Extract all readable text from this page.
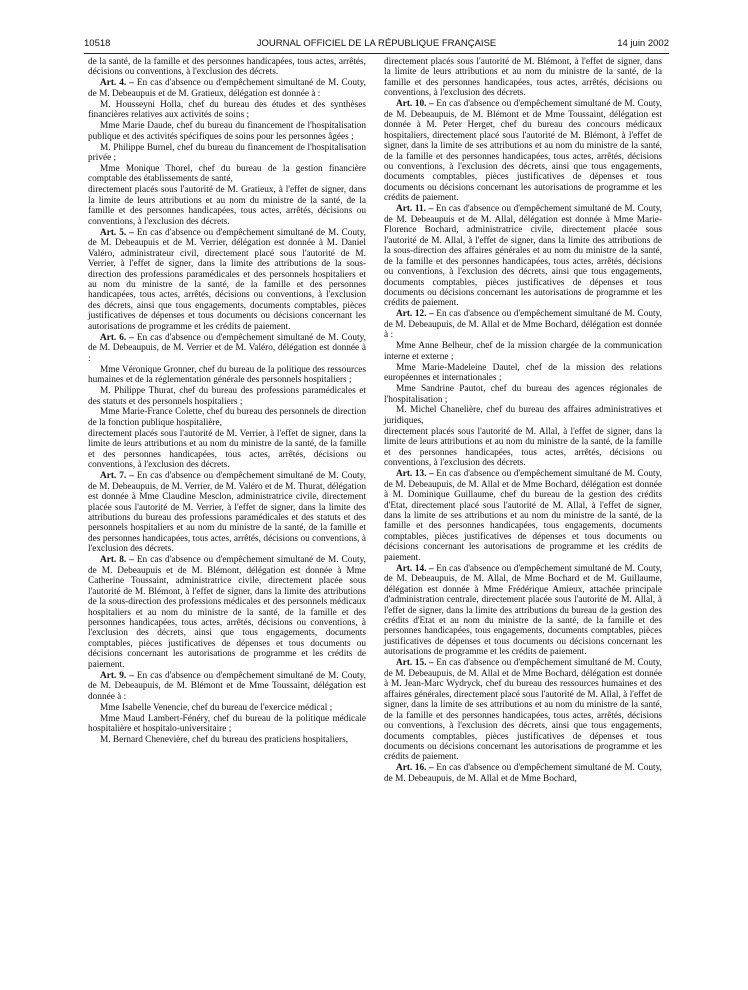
10518	JOURNAL OFFICIEL DE LA RÉPUBLIQUE FRANÇAISE	14 juin 2002

de la santé, de la famille et des personnes handicapées, tous actes, arrêtés, décisions ou conventions, à l'exclusion des décrets.

Art. 4. – En cas d'absence ou d'empêchement simultané de M. Couty, de M. Debeaupuis et de M. Gratieux, délégation est donnée à :

M. Housseyni Holla, chef du bureau des études et des synthèses financières relatives aux activités de soins ;

Mme Marie Daude, chef du bureau du financement de l'hospitalisation publique et des activités spécifiques de soins pour les personnes âgées ;

M. Philippe Burnel, chef du bureau du financement de l'hospitalisation privée ;

Mme Monique Thorel, chef du bureau de la gestion financière comptable des établissements de santé,

directement placés sous l'autorité de M. Gratieux, à l'effet de signer, dans la limite de leurs attributions et au nom du ministre de la santé, de la famille et des personnes handicapées, tous actes, arrêtés, décisions ou conventions, à l'exclusion des décrets.

Art. 5. – En cas d'absence ou d'empêchement simultané de M. Couty, de M. Debeaupuis et de M. Verrier, délégation est donnée à M. Daniel Valéro, administrateur civil, directement placé sous l'autorité de M. Verrier, à l'effet de signer, dans la limite des attributions de la sous-direction des professions paramédicales et des personnels hospitaliers et au nom du ministre de la santé, de la famille et des personnes handicapées, tous actes, arrêtés, décisions ou conventions, à l'exclusion des décrets, ainsi que tous engagements, documents comptables, pièces justificatives de dépenses et tous documents ou décisions concernant les autorisations de programme et les crédits de paiement.

Art. 6. – En cas d'absence ou d'empêchement simultané de M. Couty, de M. Debeaupuis, de M. Verrier et de M. Valéro, délégation est donnée à :

Mme Véronique Gronner, chef du bureau de la politique des ressources humaines et de la réglementation générale des personnels hospitaliers ;

M. Philippe Thurat, chef du bureau des professions paramédicales et des statuts et des personnels hospitaliers ;

Mme Marie-France Colette, chef du bureau des personnels de direction de la fonction publique hospitalière,

directement placés sous l'autorité de M. Verrier, à l'effet de signer, dans la limite de leurs attributions et au nom du ministre de la santé, de la famille et des personnes handicapées, tous actes, arrêtés, décisions ou conventions, à l'exclusion des décrets.

Art. 7. – En cas d'absence ou d'empêchement simultané de M. Couty, de M. Debeaupuis, de M. Verrier, de M. Valéro et de M. Thurat, délégation est donnée à Mme Claudine Mesclon, administratrice civile, directement placée sous l'autorité de M. Verrier, à l'effet de signer, dans la limite des attributions du bureau des professions paramédicales et des statuts et des personnels hospitaliers et au nom du ministre de la santé, de la famille et des personnes handicapées, tous actes, arrêtés, décisions ou conventions, à l'exclusion des décrets.

Art. 8. – En cas d'absence ou d'empêchement simultané de M. Couty, de M. Debeaupuis et de M. Blémont, délégation est donnée à Mme Catherine Toussaint, administratrice civile, directement placée sous l'autorité de M. Blémont, à l'effet de signer, dans la limite des attributions de la sous-direction des professions médicales et des personnels médicaux hospitaliers et au nom du ministre de la santé, de la famille et des personnes handicapées, tous actes, arrêtés, décisions ou conventions, à l'exclusion des décrets, ainsi que tous engagements, documents comptables, pièces justificatives de dépenses et tous documents ou décisions concernant les autorisations de programme et les crédits de paiement.

Art. 9. – En cas d'absence ou d'empêchement simultané de M. Couty, de M. Debeaupuis, de M. Blémont et de Mme Toussaint, délégation est donnée à :

Mme Isabelle Venencie, chef du bureau de l'exercice médical ;

Mme Maud Lambert-Fénéry, chef du bureau de la politique médicale hospitalière et hospitalo-universitaire ;

M. Bernard Chenevière, chef du bureau des praticiens hospitaliers,

directement placés sous l'autorité de M. Blémont, à l'effet de signer, dans la limite de leurs attributions et au nom du ministre de la santé, de la famille et des personnes handicapées, tous actes, arrêtés, décisions ou conventions, à l'exclusion des décrets.

Art. 10. – En cas d'absence ou d'empêchement simultané de M. Couty, de M. Debeaupuis, de M. Blémont et de Mme Toussaint, délégation est donnée à M. Peter Herget, chef du bureau des concours médicaux hospitaliers, directement placé sous l'autorité de M. Blémont, à l'effet de signer, dans la limite de ses attributions et au nom du ministre de la santé, de la famille et des personnes handicapées, tous actes, arrêtés, décisions ou conventions, à l'exclusion des décrets, ainsi que tous engagements, documents comptables, pièces justificatives de dépenses et tous documents ou décisions concernant les autorisations de programme et les crédits de paiement.

Art. 11. – En cas d'absence ou d'empêchement simultané de M. Couty, de M. Debeaupuis et de M. Allal, délégation est donnée à Mme Marie-Florence Bochard, administratrice civile, directement placée sous l'autorité de M. Allal, à l'effet de signer, dans la limite des attributions de la sous-direction des affaires générales et au nom du ministre de la santé, de la famille et des personnes handicapées, tous actes, arrêtés, décisions ou conventions, à l'exclusion des décrets, ainsi que tous engagements, documents comptables, pièces justificatives de dépenses et tous documents ou décisions concernant les autorisations de programme et les crédits de paiement.

Art. 12. – En cas d'absence ou d'empêchement simultané de M. Couty, de M. Debeaupuis, de M. Allal et de Mme Bochard, délégation est donnée à :

Mme Anne Belheur, chef de la mission chargée de la communication interne et externe ;

Mme Marie-Madeleine Dautel, chef de la mission des relations européennes et internationales ;

Mme Sandrine Pautot, chef du bureau des agences régionales de l'hospitalisation ;

M. Michel Chanelière, chef du bureau des affaires administratives et juridiques,

directement placés sous l'autorité de M. Allal, à l'effet de signer, dans la limite de leurs attributions et au nom du ministre de la santé, de la famille et des personnes handicapées, tous actes, arrêtés, décisions ou conventions, à l'exclusion des décrets.

Art. 13. – En cas d'absence ou d'empêchement simultané de M. Couty, de M. Debeaupuis, de M. Allal et de Mme Bochard, délégation est donnée à M. Dominique Guillaume, chef du bureau de la gestion des crédits d'Etat, directement placé sous l'autorité de M. Allal, à l'effet de signer, dans la limite de ses attributions et au nom du ministre de la santé, de la famille et des personnes handicapées, tous engagements, documents comptables, pièces justificatives de dépenses et tous documents ou décisions concernant les autorisations de programme et les crédits de paiement.

Art. 14. – En cas d'absence ou d'empêchement simultané de M. Couty, de M. Debeaupuis, de M. Allal, de Mme Bochard et de M. Guillaume, délégation est donnée à Mme Frédérique Amieux, attachée principale d'administration centrale, directement placée sous l'autorité de M. Allal, à l'effet de signer, dans la limite des attributions du bureau de la gestion des crédits d'Etat et au nom du ministre de la santé, de la famille et des personnes handicapées, tous engagements, documents comptables, pièces justificatives de dépenses et tous documents ou décisions concernant les autorisations de programme et les crédits de paiement.

Art. 15. – En cas d'absence ou d'empêchement simultané de M. Couty, de M. Debeaupuis, de M. Allal et de Mme Bochard, délégation est donnée à M. Jean-Marc Wydryck, chef du bureau des ressources humaines et des affaires générales, directement placé sous l'autorité de M. Allal, à l'effet de signer, dans la limite de ses attributions et au nom du ministre de la santé, de la famille et des personnes handicapées, tous actes, arrêtés, décisions ou conventions, à l'exclusion des décrets, ainsi que tous engagements, documents comptables, pièces justificatives de dépenses et tous documents ou décisions concernant les autorisations de programme et les crédits de paiement.

Art. 16. – En cas d'absence ou d'empêchement simultané de M. Couty, de M. Debeaupuis, de M. Allal et de Mme Bochard,
